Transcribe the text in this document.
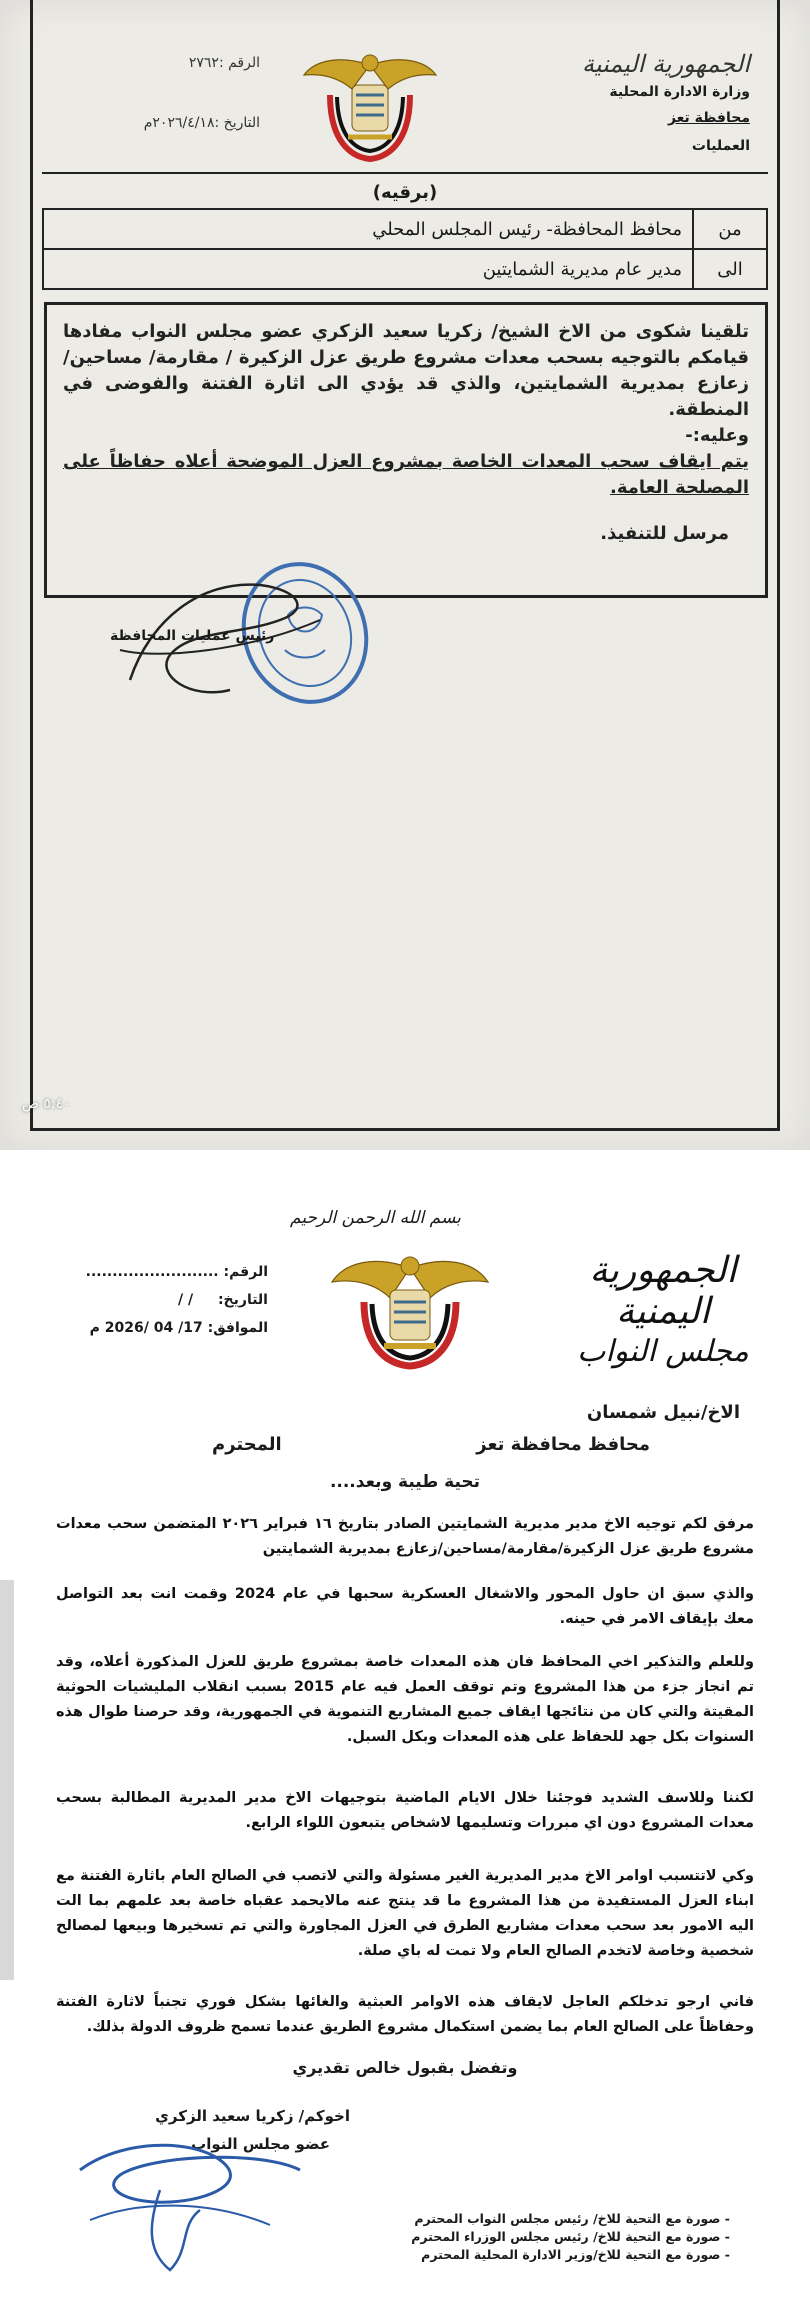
الجمهورية اليمنية
وزارة الادارة المحلية
محافظة تعز
العمليات
الرقم :٢٧٦٢
التاريخ :٢٠٢٦/٤/١٨م
(برقيه)
من	محافظ المحافظة- رئيس المجلس المحلي
الى	مدير عام مديرية الشمايتين

تلقينا شكوى من الاخ الشيخ/ زكريا سعيد الزكري عضو مجلس النواب مفادها قيامكم بالتوجيه بسحب معدات مشروع طريق عزل الزكيرة / مقارمة/ مساحين/ زعازع بمديرية الشمايتين، والذي قد يؤدي الى اثارة الفتنة والفوضى في المنطقة.

وعليه:-

يتم ايقاف سحب المعدات الخاصة بمشروع العزل الموضحة أعلاه حفاظاً على المصلحة العامة.

مرسل للتنفيذ.

رئيس عمليات المحافظة
٥:٤٠ ص
بسم الله الرحمن الرحيم
الجمهورية اليمنية
مجلس النواب
الرقم: .........................
التاريخ: / /
الموافق: 17/ 04 /2026 م
الاخ/نبيل شمسان
محافظ محافظة تعز
المحترم
تحية طيبة وبعد....

مرفق لكم توجيه الاخ مدير مديرية الشمايتين الصادر بتاريخ ١٦ فبراير ٢٠٢٦ المتضمن سحب معدات مشروع طريق عزل الزكيرة/مقارمة/مساحين/زعازع بمديرية الشمايتين

والذي سبق ان حاول المحور والاشغال العسكرية سحبها في عام 2024 وقمت انت بعد التواصل معك بإيقاف الامر في حينه.

وللعلم والتذكير اخي المحافظ فان هذه المعدات خاصة بمشروع طريق للعزل المذكورة أعلاه، وقد تم انجاز جزء من هذا المشروع وتم توقف العمل فيه عام 2015 بسبب انقلاب المليشيات الحوثية المقيتة والتي كان من نتائجها ايقاف جميع المشاريع التنموية في الجمهورية، وقد حرصنا طوال هذه السنوات بكل جهد للحفاظ على هذه المعدات وبكل السبل.

لكننا وللاسف الشديد فوجئنا خلال الايام الماضية بتوجيهات الاخ مدير المديرية المطالبة بسحب معدات المشروع دون اي مبررات وتسليمها لاشخاص يتبعون اللواء الرابع.

وكي لاتتسبب اوامر الاخ مدير المديرية الغير مسئولة والتي لاتصب في الصالح العام باثارة الفتنة مع ابناء العزل المستفيدة من هذا المشروع ما قد ينتج عنه مالايحمد عقباه خاصة بعد علمهم بما الت اليه الامور بعد سحب معدات مشاريع الطرق في العزل المجاورة والتي تم تسخيرها وبيعها لمصالح شخصية وخاصة لاتخدم الصالح العام ولا تمت له باي صلة.

فاني ارجو تدخلكم العاجل لايقاف هذه الاوامر العبثية والغائها بشكل فوري تجنباً لاثارة الفتنة وحفاظاً على الصالح العام بما يضمن استكمال مشروع الطريق عندما تسمح ظروف الدولة بذلك.

وتفضل بقبول خالص تقديري
اخوكم/ زكريا سعيد الزكري
عضو مجلس النواب
- صورة مع التحية للاخ/ رئيس مجلس النواب المحترم
- صورة مع التحية للاخ/ رئيس مجلس الوزراء المحترم
- صورة مع التحية للاخ/وزير الادارة المحلية المحترم
